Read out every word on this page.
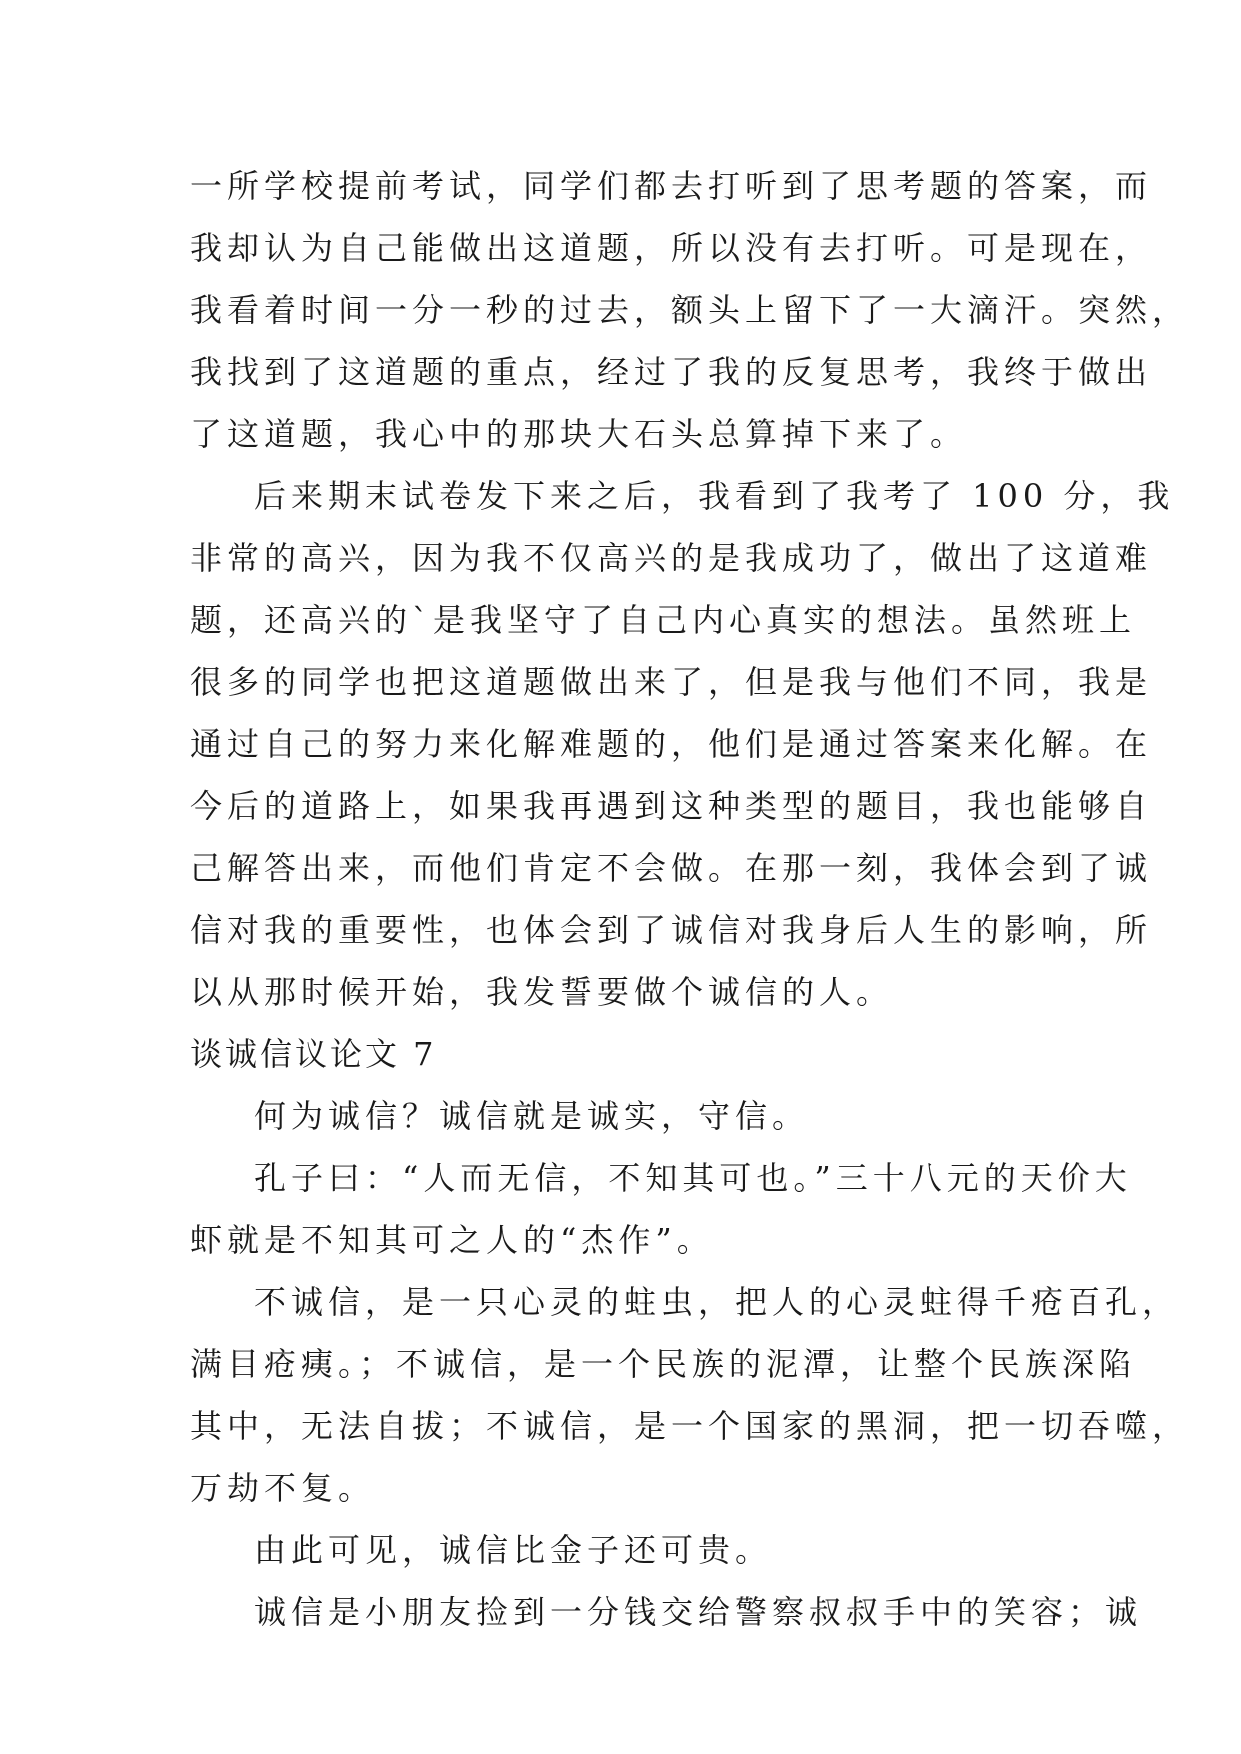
一所学校提前考试，同学们都去打听到了思考题的答案，而
我却认为自己能做出这道题，所以没有去打听。可是现在，
我看着时间一分一秒的过去，额头上留下了一大滴汗。突然，
我找到了这道题的重点，经过了我的反复思考，我终于做出
了这道题，我心中的那块大石头总算掉下来了。
后来期末试卷发下来之后，我看到了我考了 100 分，我
非常的高兴，因为我不仅高兴的是我成功了，做出了这道难
题，还高兴的`是我坚守了自己内心真实的想法。虽然班上
很多的同学也把这道题做出来了，但是我与他们不同，我是
通过自己的努力来化解难题的，他们是通过答案来化解。在
今后的道路上，如果我再遇到这种类型的题目，我也能够自
己解答出来，而他们肯定不会做。在那一刻，我体会到了诚
信对我的重要性，也体会到了诚信对我身后人生的影响，所
以从那时候开始，我发誓要做个诚信的人。
谈诚信议论文 7
何为诚信？诚信就是诚实，守信。
孔子曰：“人而无信，不知其可也。”三十八元的天价大
虾就是不知其可之人的“杰作”。
不诚信，是一只心灵的蛀虫，把人的心灵蛀得千疮百孔，
满目疮痍。；不诚信，是一个民族的泥潭，让整个民族深陷
其中，无法自拔；不诚信，是一个国家的黑洞，把一切吞噬，
万劫不复。
由此可见，诚信比金子还可贵。
诚信是小朋友捡到一分钱交给警察叔叔手中的笑容；诚
